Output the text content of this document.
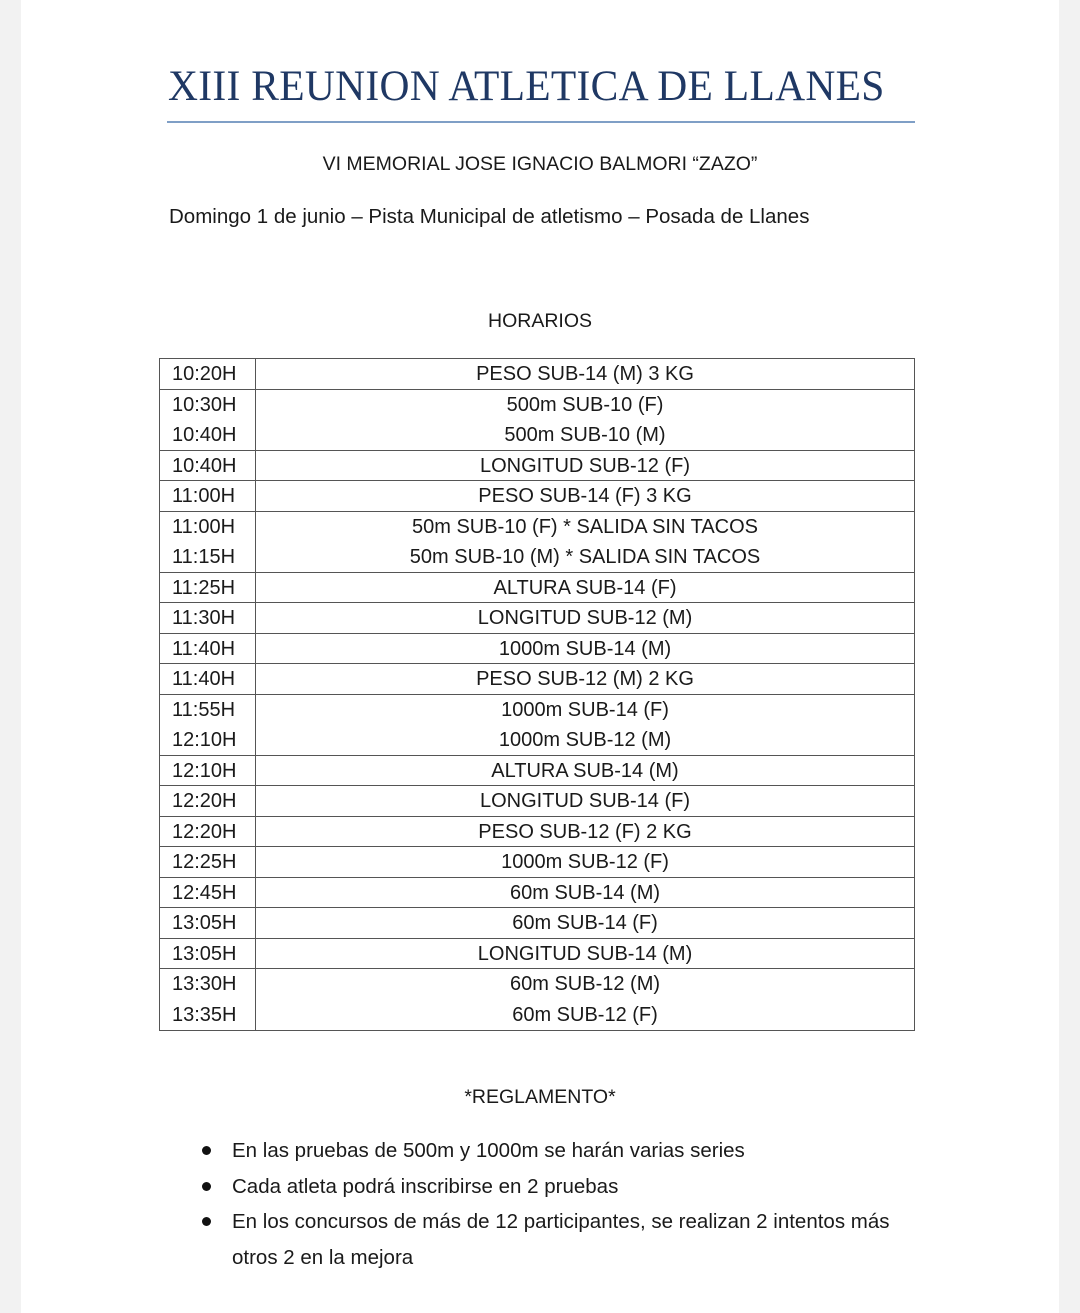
XIII REUNION ATLETICA DE LLANES
VI MEMORIAL JOSE IGNACIO BALMORI “ZAZO”
Domingo 1 de junio – Pista Municipal de atletismo – Posada de Llanes
HORARIOS
10:20H	PESO SUB-14 (M) 3 KG
10:30H	500m SUB-10 (F)
10:40H	500m SUB-10 (M)
10:40H	LONGITUD SUB-12 (F)
11:00H	PESO SUB-14 (F) 3 KG
11:00H	50m SUB-10 (F) * SALIDA SIN TACOS
11:15H	50m SUB-10 (M) * SALIDA SIN TACOS
11:25H	ALTURA SUB-14 (F)
11:30H	LONGITUD SUB-12 (M)
11:40H	1000m SUB-14 (M)
11:40H	PESO SUB-12 (M) 2 KG
11:55H	1000m SUB-14 (F)
12:10H	1000m SUB-12 (M)
12:10H	ALTURA SUB-14 (M)
12:20H	LONGITUD SUB-14 (F)
12:20H	PESO SUB-12 (F) 2 KG
12:25H	1000m SUB-12 (F)
12:45H	60m SUB-14 (M)
13:05H	60m SUB-14 (F)
13:05H	LONGITUD SUB-14 (M)
13:30H	60m SUB-12 (M)
13:35H	60m SUB-12 (F)
*REGLAMENTO*
En las pruebas de 500m y 1000m se harán varias series
Cada atleta podrá inscribirse en 2 pruebas
En los concursos de más de 12 participantes, se realizan 2 intentos más otros 2 en la mejora
